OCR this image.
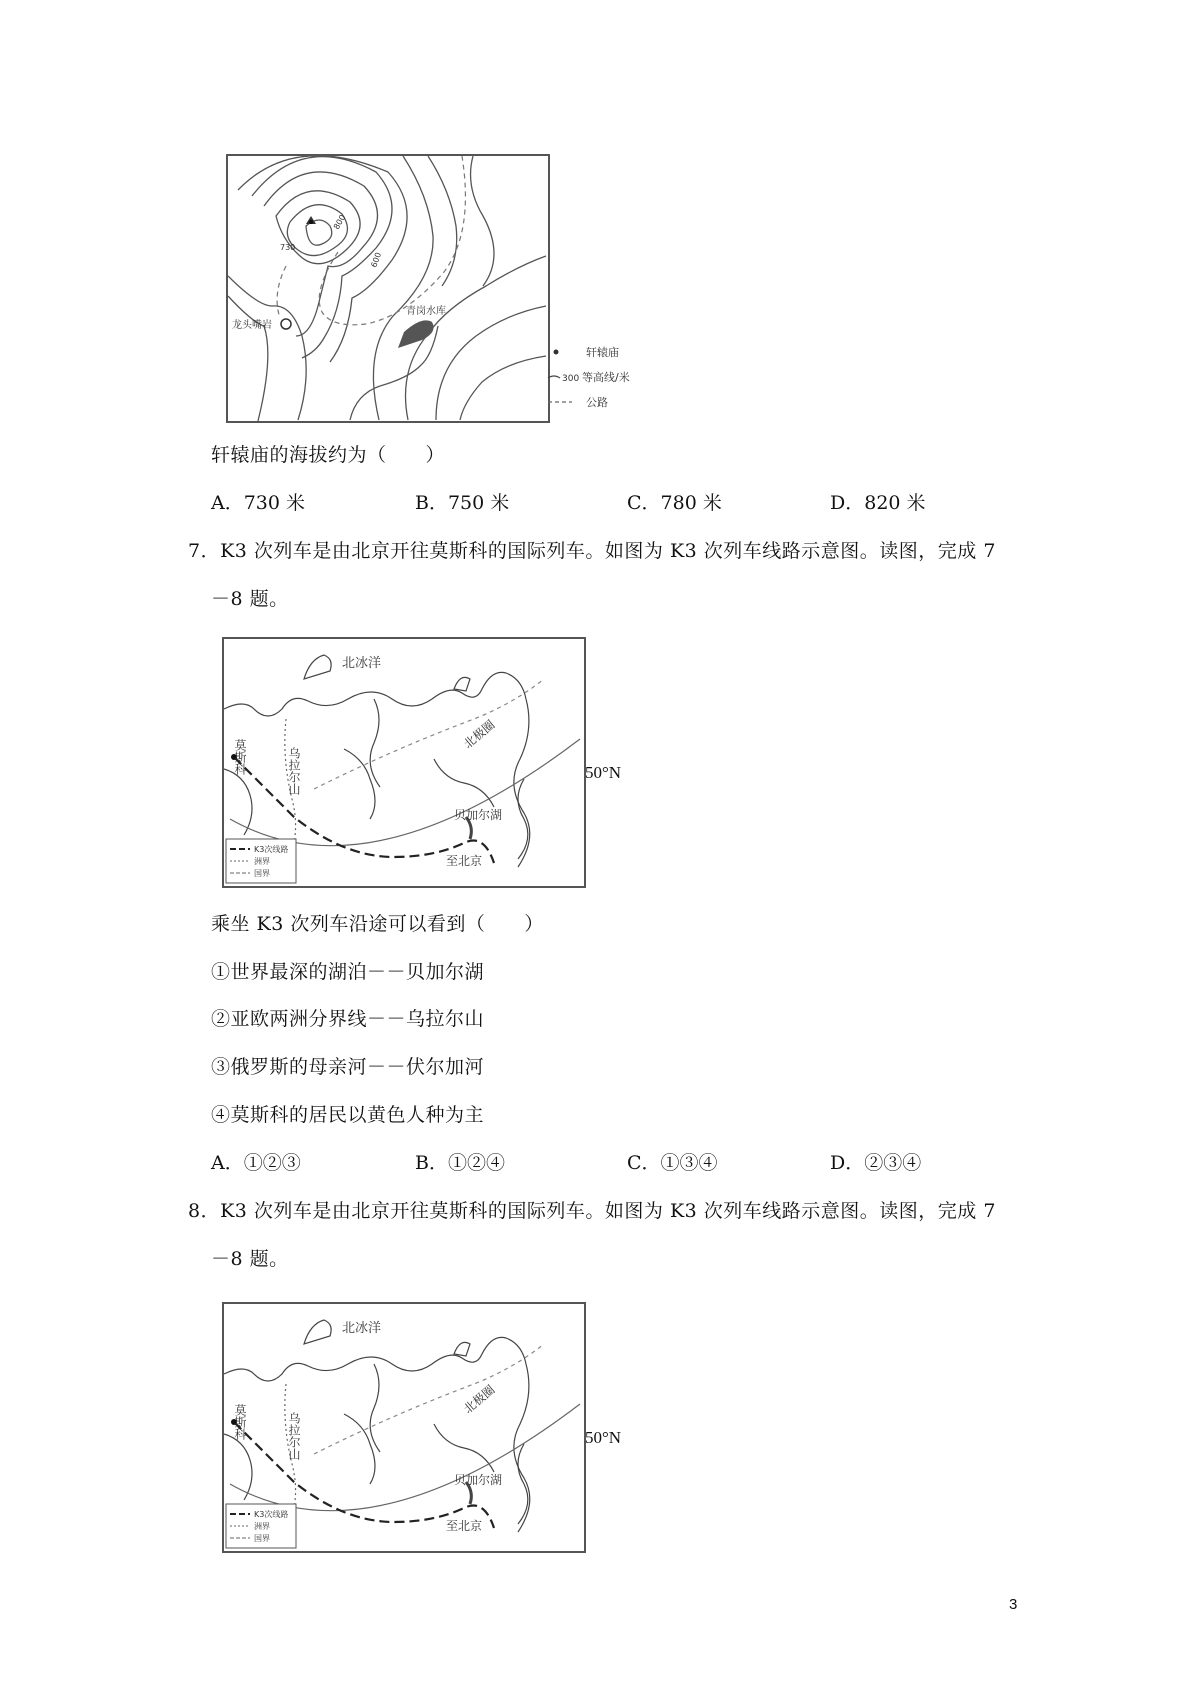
730
800
600
龙头嘴岩
青岗水库
轩辕庙
300 等高线/米
公路
轩辕庙的海拔约为（　　）
A．730 米	B．750 米	C．780 米	D．820 米
7．K3 次列车是由北京开往莫斯科的国际列车。如图为 K3 次列车线路示意图。读图，完成 7
－8 题。
北冰洋
莫斯科	乌拉尔山
贝加尔湖
至北京
北极圈
K3次线路
洲界
国界
50°N
乘坐 K3 次列车沿途可以看到（　　）
①世界最深的湖泊－－贝加尔湖
②亚欧两洲分界线－－乌拉尔山
③俄罗斯的母亲河－－伏尔加河
④莫斯科的居民以黄色人种为主
A．①②③	B．①②④	C．①③④	D．②③④
8．K3 次列车是由北京开往莫斯科的国际列车。如图为 K3 次列车线路示意图。读图，完成 7
－8 题。
北冰洋
莫斯科	乌拉尔山
贝加尔湖
至北京
北极圈
K3次线路
洲界
国界
50°N
3
